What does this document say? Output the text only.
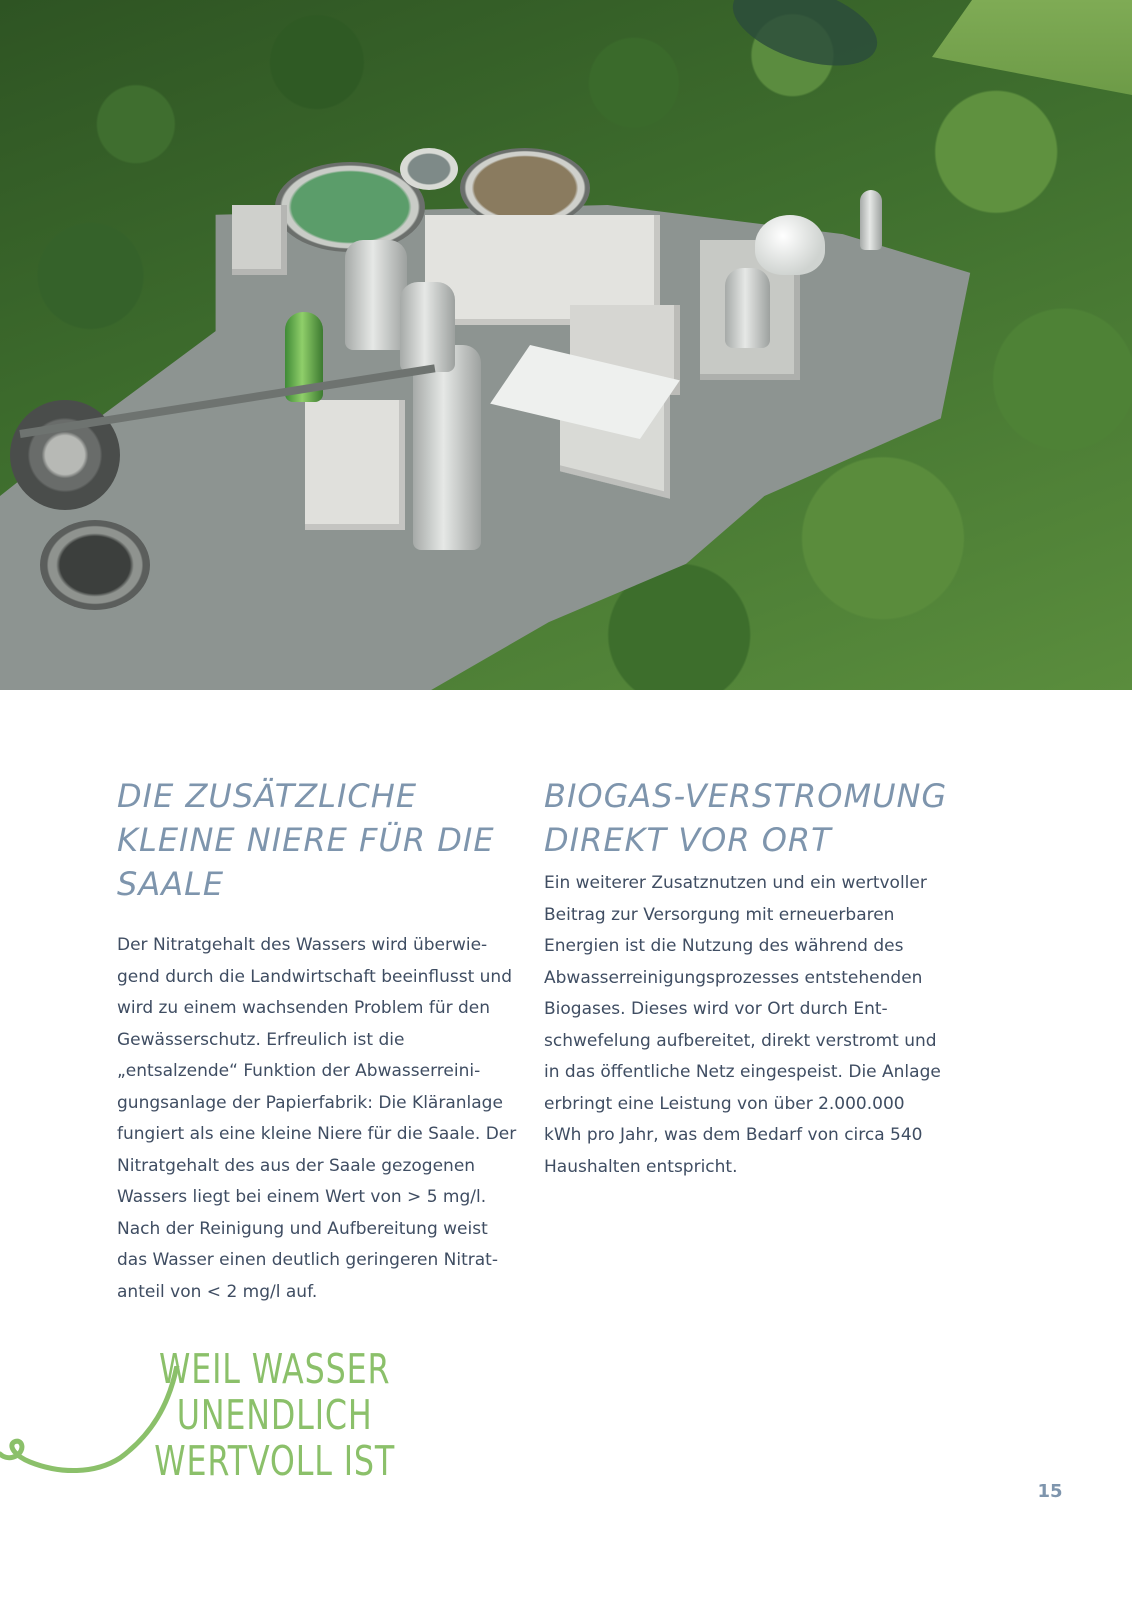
DIE ZUSÄTZLICHE KLEINE NIERE FÜR DIE SAALE

Der Nitratgehalt des Wassers wird überwie- gend durch die Landwirtschaft beeinflusst und wird zu einem wachsenden Problem für den Gewässerschutz. Erfreulich ist die „entsalzende“ Funktion der Abwasserreini- gungsanlage der Papierfabrik: Die Kläranlage fungiert als eine kleine Niere für die Saale. Der Nitratgehalt des aus der Saale gezogenen Wassers liegt bei einem Wert von > 5 mg/l. Nach der Reinigung und Aufbereitung weist das Wasser einen deutlich geringeren Nitrat- anteil von < 2 mg/l auf.

BIOGAS-VERSTROMUNG DIREKT VOR ORT

Ein weiterer Zusatznutzen und ein wertvoller Beitrag zur Versorgung mit erneuerbaren Energien ist die Nutzung des während des Abwasserreinigungsprozesses entstehenden Biogases. Dieses wird vor Ort durch Ent- schwefelung aufbereitet, direkt verstromt und in das öffentliche Netz eingespeist. Die Anlage erbringt eine Leistung von über 2.000.000 kWh pro Jahr, was dem Bedarf von circa 540 Haushalten entspricht.

WEIL WASSER UNENDLICH WERTVOLL IST

15
